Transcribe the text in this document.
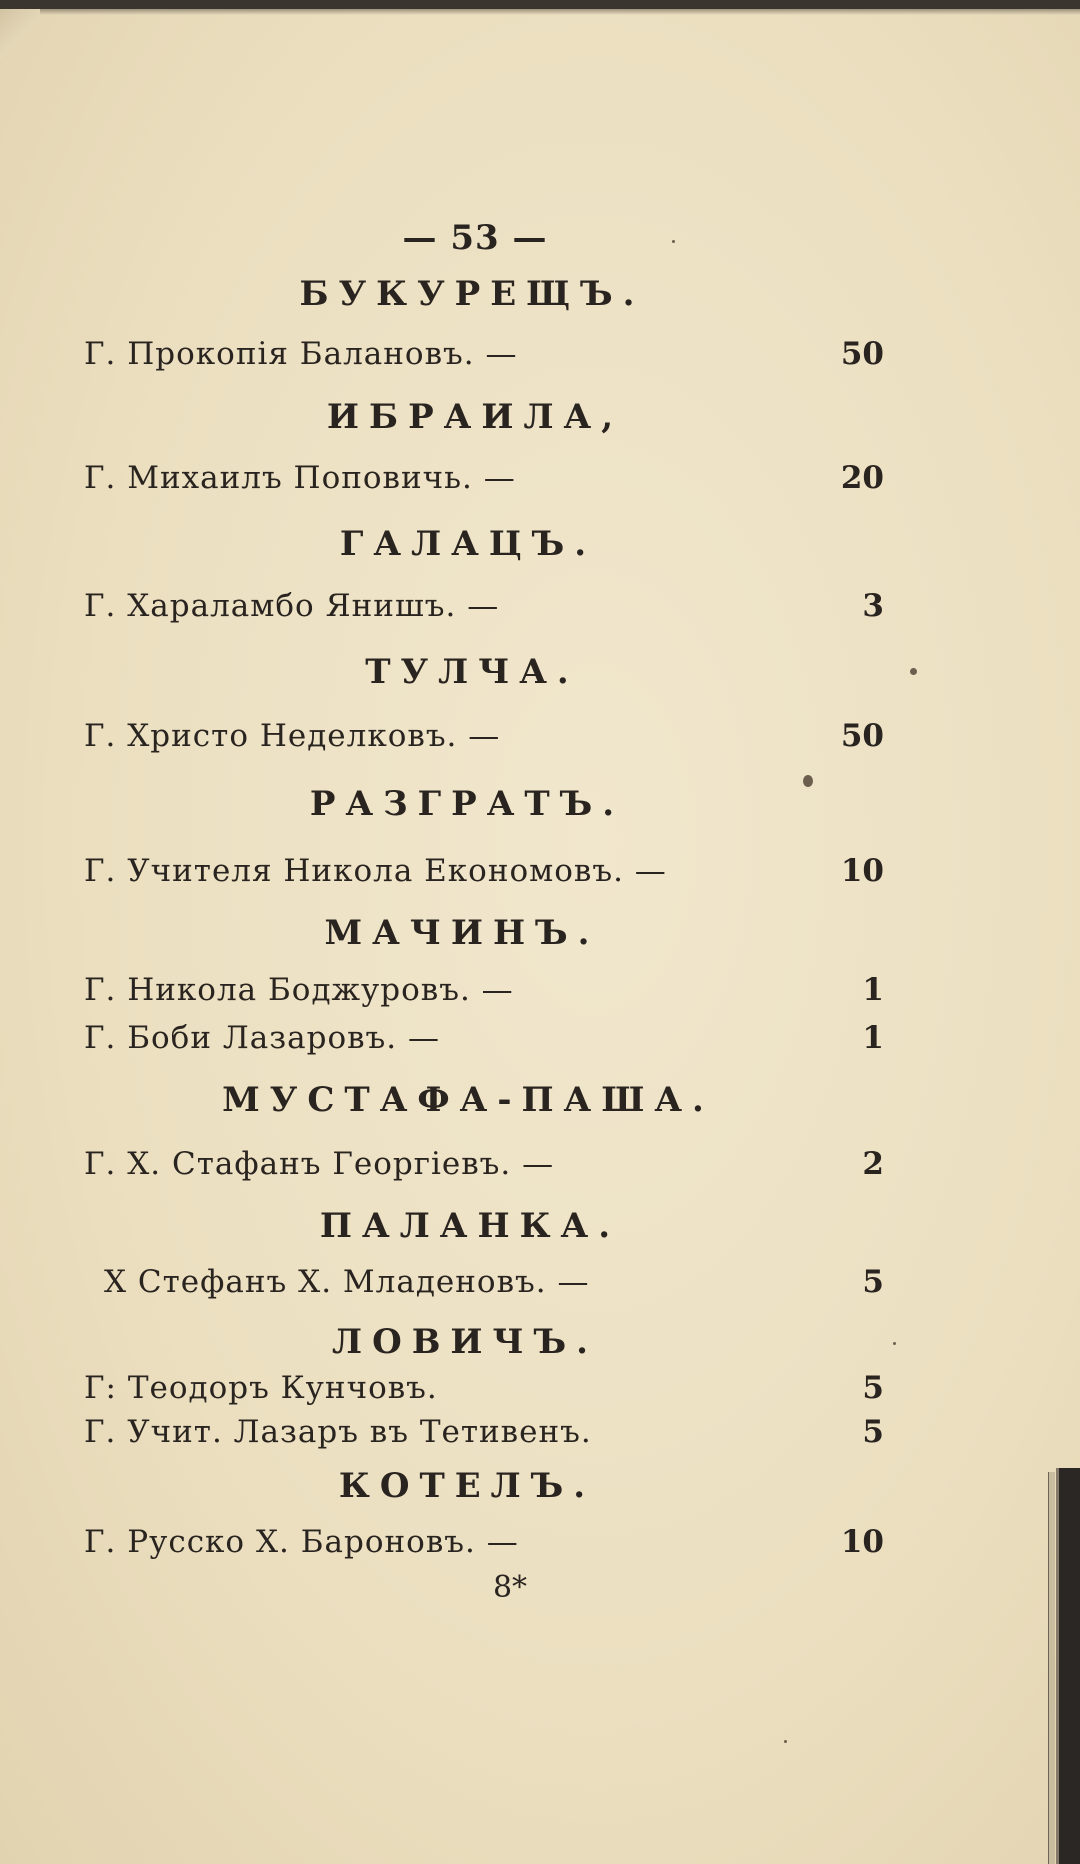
— 53 —
БУКУРЕЩЪ.
Г. Прокопія Балановъ. —	50
ИБРАИЛА,
Г. Михаилъ Поповичь. —	20
ГАЛАЦЪ.
Г. Хараламбо Янишъ. —	3
ТУЛЧА.
Г. Христо Неделковъ. —	50
РАЗГРАТЪ.
Г. Учителя Никола Економовъ. —	10
МАЧИНЪ.
Г. Никола Боджуровъ. —	1
Г. Боби Лазаровъ. —	1
МУСТАФА-ПАША.
Г. Х. Стафанъ Георгіевъ. —	2
ПАЛАНКА.
Х Стефанъ Х. Младеновъ. —	5
ЛОВИЧЪ.
Г: Теодоръ Кунчовъ.	5
Г. Учит. Лазаръ въ Тетивенъ.	5
КОТЕЛЪ.
Г. Русско Х. Бароновъ. —	10
8*
